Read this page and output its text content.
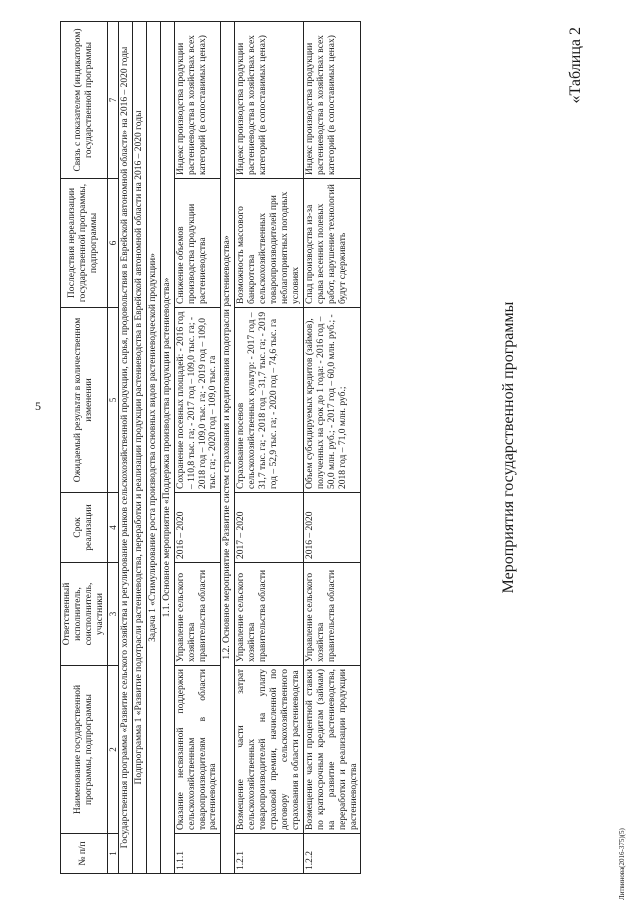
5
Литвинова(2016-375)(5)
«Таблица 2
Мероприятия государственной программы
№ п/п	Наименование государственной программы, подпрограммы	Ответственный исполнитель, соисполнитель, участники	Срок реализации	Ожидаемый результат в количественном изменении	Последствия нереализации государственной программы, подпрограммы	Связь с показателем (индикатором) государственной программы
1	2	3	4	5	6	7
Государственная программа «Развитие сельского хозяйства и регулирование рынков сельскохозяйственной продукции, сырья, продовольствия в Еврейской автономной области» на 2016 – 2020 годы						
Подпрограмма 1 «Развитие подотрасли растениеводства, переработки и реализации продукции растениеводства в Еврейской автономной области на 2016 – 2020 годы						
Задача 1 «Стимулирование роста производства основных видов растениеводческой продукции»						
1.1. Основное мероприятие «Поддержка производства продукции растениеводства»						
1.1.1	Оказание несвязанной поддержки сельскохозяйственным товаропроизводителям в области растениеводства	Управление сельского хозяйства правительства области	2016 – 2020	Сохранение посевных площадей: - 2016 год – 110,8 тыс. га; - 2017 год – 109,0 тыс. га; - 2018 год – 109,0 тыс. га; - 2019 год – 109,0 тыс. га; - 2020 год – 109,0 тыс. га	Снижение объемов производства продукции растениеводства	Индекс производства продукции растениеводства в хозяйствах всех категорий (в сопоставимых ценах)
1.2. Основное мероприятие «Развитие систем страхования и кредитования подотрасли растениеводства»						
1.2.1	Возмещение части затрат сельскохозяйственных товаропроизводителей на уплату страховой премии, начисленной по договору сельскохозяйственного страхования в области растениеводства	Управление сельского хозяйства правительства области	2017 – 2020	Страхование посевов сельскохозяйственных культур: - 2017 год – 31,7 тыс. га; - 2018 год – 31,7 тыс. га; - 2019 год – 52,9 тыс. га; - 2020 год – 74,6 тыс. га	Возможность массового банкротства сельскохозяйственных товаропроизводителей при неблагоприятных погодных условиях	Индекс производства продукции растениеводства в хозяйствах всех категорий (в сопоставимых ценах)
1.2.2	Возмещение части процентной ставки по краткосрочным кредитам (займам) на развитие растениеводства, переработки и реализации продукции растениеводства	Управление сельского хозяйства правительства области	2016 – 2020	Объем субсидируемых кредитов (займов), полученных на срок до 1 года: - 2016 год – 50,0 млн. руб.; - 2017 год – 60,0 млн. руб.; - 2018 год – 71,0 млн. руб.;	Спад производства из-за срыва весенних полевых работ, нарушение технологий будут сдерживать	Индекс производства продукции растениеводства в хозяйствах всех категорий (в сопоставимых ценах)
